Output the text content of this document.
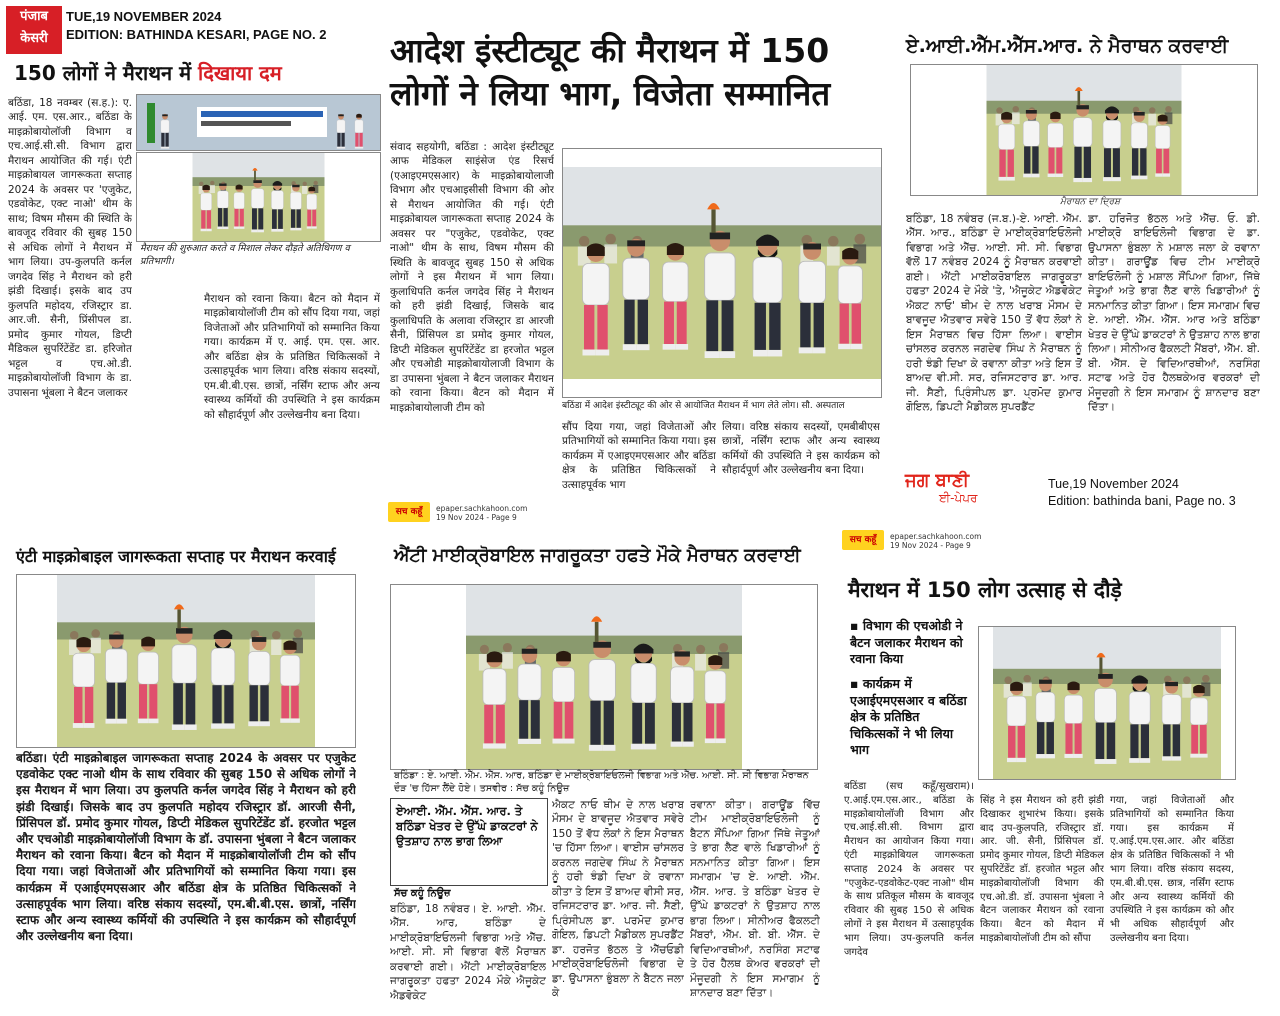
पंजाब केसरी
TUE,19 NOVEMBER 2024
EDITION: BATHINDA KESARI, PAGE NO. 2
150 लोगों ने मैराथन में दिखाया दम
बठिंडा, 18 नवम्बर (स.ह.): ए. आई. एम. एस.आर., बठिंडा के माइक्रोबायोलॉजी विभाग व एच.आई.सी.सी. विभाग द्वारा मैराथन आयोजित की गई। एंटी माइक्रोबायल जागरूकता सप्ताह 2024 के अवसर पर 'एजुकेट, एडवोकेट, एक्ट नाओ' थीम के साथ; विषम मौसम की स्थिति के बावजूद रविवार की सुबह 150 से अधिक लोगों ने मैराथन में भाग लिया। उप-कुलपति कर्नल जगदेव सिंह ने मैराथन को हरी झंडी दिखाई। इसके बाद उप कुलपति महोदय, रजिस्ट्रार डा. आर.जी. सैनी, प्रिंसीपल डा. प्रमोद कुमार गोयल, डिप्टी मैडिकल सुपरिंटेंडेंट डा. हरिजोत भट्टल व एच.ओ.डी. माइक्रोबायोलॉजी विभाग के डा. उपासना भूंबला ने बैटन जलाकर
मैराथन की शुरुआत करते व मिशाल लेकर दौड़ते अतिथिगण व प्रतिभागी।
मैराथन को रवाना किया। बैटन को मैदान में माइक्रोबायोलॉजी टीम को सौंप दिया गया, जहां विजेताओं और प्रतिभागियों को सम्मानित किया गया। कार्यक्रम में ए. आई. एम. एस. आर. और बठिंडा क्षेत्र के प्रतिष्ठित चिकित्सकों ने उत्साहपूर्वक भाग लिया। वरिष्ठ संकाय सदस्यों, एम.बी.बी.एस. छात्रों, नर्सिंग स्टाफ और अन्य स्वास्थ्य कर्मियों की उपस्थिति ने इस कार्यक्रम को सौहार्दपूर्ण और उल्लेखनीय बना दिया।
आदेश इंस्टीट्यूट की मैराथन में 150 लोगों ने लिया भाग, विजेता सम्मानित
संवाद सहयोगी, बठिंडा : आदेश इंस्टीट्यूट आफ मेडिकल साइंसेज एंड रिसर्च (एआइएमएसआर) के माइक्रोबायोलाजी विभाग और एचआइसीसी विभाग की ओर से मैराथन आयोजित की गई। एंटी माइक्रोबायल जागरूकता सप्ताह 2024 के अवसर पर "एजुकेट, एडवोकेट, एक्ट नाओ" थीम के साथ, विषम मौसम की स्थिति के बावजूद सुबह 150 से अधिक लोगों ने इस मैराथन में भाग लिया। कुलाधिपति कर्नल जगदेव सिंह ने मैराथन को हरी झंडी दिखाई, जिसके बाद कुलाधिपति के अलावा रजिस्ट्रार डा आरजी सैनी, प्रिंसिपल डा प्रमोद कुमार गोयल, डिप्टी मेडिकल सुपरिंटेंडेंट डा हरजोत भट्टल और एचओडी माइक्रोबायोलाजी विभाग के डा उपासना भुंबला ने बैटन जलाकर मैराथन को रवाना किया। बैटन को मैदान में माइक्रोबायोलाजी टीम को	बठिंडा में आदेश इंस्टीट्यूट की ओर से आयोजित मैराथन में भाग लेते लोग। सौ. अस्पताल
सौंप दिया गया, जहां विजेताओं और प्रतिभागियों को सम्मानित किया गया। इस कार्यक्रम में एआइएमएसआर और बठिंडा क्षेत्र के प्रतिष्ठित चिकित्सकों ने उत्साहपूर्वक भाग
लिया। वरिष्ठ संकाय सदस्यों, एमबीबीएस छात्रों, नर्सिंग स्टाफ और अन्य स्वास्थ्य कर्मियों की उपस्थिति ने इस कार्यक्रम को सौहार्दपूर्ण और उल्लेखनीय बना दिया।
सच कहूँ	epaper.sachkahoon.com
19 Nov 2024 - Page 9
ਏ.ਆਈ.ਐੱਮ.ਐੱਸ.ਆਰ. ਨੇ ਮੈਰਾਥਨ ਕਰਵਾਈ
ਮੈਰਾਥਨ ਦਾ ਦ੍ਰਿਸ਼
ਬਠਿੰਡਾ, 18 ਨਵੰਬਰ (ਜ.ਬ.)-ਏ. ਆਈ. ਐੱਮ. ਐੱਸ. ਆਰ., ਬਠਿੰਡਾ ਦੇ ਮਾਈਕ੍ਰੋਬਾਇਓਲੋਜੀ ਵਿਭਾਗ ਅਤੇ ਐੱਚ. ਆਈ. ਸੀ. ਸੀ. ਵਿਭਾਗ ਵੱਲੋਂ 17 ਨਵੰਬਰ 2024 ਨੂੰ ਮੈਰਾਥਨ ਕਰਵਾਈ ਗਈ। ਐਂਟੀ ਮਾਈਕਰੋਬਾਇਲ ਜਾਗਰੂਕਤਾ ਹਫਤਾ 2024 ਦੇ ਮੌਕੇ 'ਤੇ, 'ਐਜੂਕੇਟ ਐਡਵੋਕੇਟ ਐਕਟ ਨਾਓ' ਥੀਮ ਦੇ ਨਾਲ ਖਰਾਬ ਮੌਸਮ ਦੇ ਬਾਵਜੂਦ ਐਤਵਾਰ ਸਵੇਰੇ 150 ਤੋਂ ਵੱਧ ਲੋਕਾਂ ਨੇ ਇਸ ਮੈਰਾਥਨ ਵਿਚ ਹਿੱਸਾ ਲਿਆ। ਵਾਈਸ ਚਾਂਸਲਰ ਕਰਨਲ ਜਗਦੇਵ ਸਿੰਘ ਨੇ ਮੈਰਾਥਨ ਨੂੰ ਹਰੀ ਝੰਡੀ ਦਿਖਾ ਕੇ ਰਵਾਨਾ ਕੀਤਾ ਅਤੇ ਇਸ ਤੋਂ ਬਾਅਦ ਵੀ.ਸੀ. ਸਰ, ਰਜਿਸਟਰਾਰ ਡਾ. ਆਰ. ਜੀ. ਸੈਣੀ, ਪ੍ਰਿੰਸੀਪਲ ਡਾ. ਪ੍ਰਮੋਦ ਕੁਮਾਰ ਗੋਇਲ, ਡਿਪਟੀ ਮੈਡੀਕਲ ਸੁਪਰਡੈਂਟ
ਡਾ. ਹਰਿਜੋਤ ਭੱਠਲ ਅਤੇ ਐੱਚ. ਓ. ਡੀ. ਮਾਈਕ੍ਰੋ ਬਾਇਓਲੋਜੀ ਵਿਭਾਗ ਦੇ ਡਾ. ਉਪਾਸਨਾ ਭੁੰਬਲਾ ਨੇ ਮਸ਼ਾਲ ਜਲਾ ਕੇ ਰਵਾਨਾ ਕੀਤਾ। ਗਰਾਊਂਡ ਵਿਚ ਟੀਮ ਮਾਈਕ੍ਰੋ ਬਾਇਓਲੋਜੀ ਨੂੰ ਮਸ਼ਾਲ ਸੌਂਪਿਆ ਗਿਆ, ਜਿੱਥੇ ਜੇਤੂਆਂ ਅਤੇ ਭਾਗ ਲੈਣ ਵਾਲੇ ਖਿਡਾਰੀਆਂ ਨੂੰ ਸਨਮਾਨਿਤ ਕੀਤਾ ਗਿਆ। ਇਸ ਸਮਾਗਮ ਵਿਚ ਏ. ਆਈ. ਐੱਮ. ਐੱਸ. ਆਰ ਅਤੇ ਬਠਿੰਡਾ ਖੇਤਰ ਦੇ ਉੱਘੇ ਡਾਕਟਰਾਂ ਨੇ ਉਤਸ਼ਾਹ ਨਾਲ ਭਾਗ ਲਿਆ। ਸੀਨੀਅਰ ਫੈਕਲਟੀ ਮੈਂਬਰਾਂ, ਐੱਮ. ਬੀ. ਬੀ. ਐੱਸ. ਦੇ ਵਿਦਿਆਰਥੀਆਂ, ਨਰਸਿੰਗ ਸਟਾਫ ਅਤੇ ਹੋਰ ਹੈਲਥਕੇਅਰ ਵਰਕਰਾਂ ਦੀ ਮੌਜੂਦਗੀ ਨੇ ਇਸ ਸਮਾਗਮ ਨੂੰ ਸ਼ਾਨਦਾਰ ਬਣਾ ਦਿੱਤਾ।
ਜਗ ਬਾਣੀ
ਈ-ਪੇਪਰ
Tue,19 November 2024
Edition: bathinda bani, Page no. 3
एंटी माइक्रोबाइल जागरूकता सप्ताह पर मैराथन करवाई
बठिंडा। एंटी माइक्रोबाइल जागरूकता सप्ताह 2024 के अवसर पर एजुकेट एडवोकेट एक्ट नाओ थीम के साथ रविवार की सुबह 150 से अधिक लोगों ने इस मैराथन में भाग लिया। उप कुलपति कर्नल जगदेव सिंह ने मैराथन को हरी झंडी दिखाई। जिसके बाद उप कुलपति महोदय रजिस्ट्रार डॉ. आरजी सैनी, प्रिंसिपल डॉ. प्रमोद कुमार गोयल, डिप्टी मेडिकल सुपरिटेंडेंट डॉ. हरजोत भट्टल और एचओडी माइक्रोबायोलॉजी विभाग के डॉ. उपासना भुंबला ने बैटन जलाकर मैराथन को रवाना किया। बैटन को मैदान में माइक्रोबायोलॉजी टीम को सौंप दिया गया। जहां विजेताओं और प्रतिभागियों को सम्मानित किया गया। इस कार्यक्रम में एआईएमएसआर और बठिंडा क्षेत्र के प्रतिष्ठित चिकित्सकों ने उत्साहपूर्वक भाग लिया। वरिष्ठ संकाय सदस्यों, एम.बी.बी.एस. छात्रों, नर्सिंग स्टाफ और अन्य स्वास्थ्य कर्मियों की उपस्थिति ने इस कार्यक्रम को सौहार्दपूर्ण और उल्लेखनीय बना दिया।
ਐਂਟੀ ਮਾਈਕ੍ਰੋਬਾਇਲ ਜਾਗਰੂਕਤਾ ਹਫਤੇ ਮੌਕੇ ਮੈਰਾਥਨ ਕਰਵਾਈ
ਬਠਿੰਡਾ : ਏ. ਆਈ. ਐੱਮ. ਐੱਸ. ਆਰ, ਬਠਿੰਡਾ ਦੇ ਮਾਈਕ੍ਰੋਬਾਇਓਲਜੀ ਵਿਭਾਗ ਅਤੇ ਐੱਚ. ਆਈ. ਸੀ. ਸੀ ਵਿਭਾਗ ਮੈਰਾਥਨ ਦੌੜ 'ਚ ਹਿੱਸਾ ਲੈਂਦੇ ਹੋਏ। ਤਸਵੀਰ : ਸੱਚ ਕਹੂੰ ਨਿਊਜ਼
ਏਆਈ. ਐੱਮ. ਐੱਸ. ਆਰ. ਤੇ ਬਠਿੰਡਾ ਖੇਤਰ ਦੇ ਉੱਘੇ ਡਾਕਟਰਾਂ ਨੇ ਉਤਸ਼ਾਹ ਨਾਲ ਭਾਗ ਲਿਆ
ਸੱਚ ਕਹੂੰ ਨਿਊਜ਼
ਬਠਿੰਡਾ, 18 ਨਵੰਬਰ। ਏ. ਆਈ. ਐੱਮ. ਐੱਸ. ਆਰ, ਬਠਿੰਡਾ ਦੇ ਮਾਈਕ੍ਰੋਬਾਇਓਲਜੀ ਵਿਭਾਗ ਅਤੇ ਐੱਚ. ਆਈ. ਸੀ. ਸੀ ਵਿਭਾਗ ਵੱਲੋਂ ਮੈਰਾਥਨ ਕਰਵਾਈ ਗਈ। ਐਂਟੀ ਮਾਈਕ੍ਰੋਬਾਇਲ ਜਾਗਰੂਕਤਾ ਹਫਤਾ 2024 ਮੌਕੇ ਐਜੂਕੇਟ ਐਡਵੋਕੇਟ
ਐਕਟ ਨਾਓ ਥੀਮ ਦੇ ਨਾਲ ਖਰਾਬ ਮੌਸਮ ਦੇ ਬਾਵਜੂਦ ਐਤਵਾਰ ਸਵੇਰੇ 150 ਤੋਂ ਵੱਧ ਲੋਕਾਂ ਨੇ ਇਸ ਮੈਰਾਥਨ 'ਚ ਹਿੱਸਾ ਲਿਆ। ਵਾਈਸ ਚਾਂਸਲਰ ਕਰਨਲ ਜਗਦੇਵ ਸਿੰਘ ਨੇ ਮੈਰਾਥਨ ਨੂੰ ਹਰੀ ਝੰਡੀ ਦਿਖਾ ਕੇ ਰਵਾਨਾ ਕੀਤਾ ਤੇ ਇਸ ਤੋਂ ਬਾਅਦ ਵੀਸੀ ਸਰ, ਰਜਿਸਟਰਾਰ ਡਾ. ਆਰ. ਜੀ. ਸੈਣੀ, ਪ੍ਰਿੰਸੀਪਲ ਡਾ. ਪਰਮੋਦ ਕੁਮਾਰ ਗੋਇਲ, ਡਿਪਟੀ ਮੈਡੀਕਲ ਸੁਪਰਡੈਂਟ ਡਾ. ਹਰਜੋਤ ਭੱਠਲ ਤੇ ਐੱਚਓਡੀ ਮਾਈਕ੍ਰੋਬਾਇਓਲੋਜੀ ਵਿਭਾਗ ਦੇ ਡਾ. ਉਪਾਸਨਾ ਭੁੰਬਲਾ ਨੇ ਬੈਟਨ ਜਲਾ ਕੇ
ਰਵਾਨਾ ਕੀਤਾ। ਗਰਾਊਂਡ ਵਿੱਚ ਟੀਮ ਮਾਈਕ੍ਰੋਬਾਇਓਲੋਜੀ ਨੂੰ ਬੈਟਨ ਸੌਂਪਿਆ ਗਿਆ ਜਿੱਥੇ ਜੇਤੂਆਂ ਤੇ ਭਾਗ ਲੈਣ ਵਾਲੇ ਖਿਡਾਰੀਆਂ ਨੂੰ ਸਨਮਾਨਿਤ ਕੀਤਾ ਗਿਆ। ਇਸ ਸਮਾਗਮ 'ਚ ਏ. ਆਈ. ਐੱਮ. ਐੱਸ. ਆਰ. ਤੇ ਬਠਿੰਡਾ ਖੇਤਰ ਦੇ ਉੱਘੇ ਡਾਕਟਰਾਂ ਨੇ ਉਤਸ਼ਾਹ ਨਾਲ ਭਾਗ ਲਿਆ। ਸੀਨੀਅਰ ਫੈਕਲਟੀ ਮੈਂਬਰਾਂ, ਐੱਮ. ਬੀ. ਬੀ. ਐੱਸ. ਦੇ ਵਿਦਿਆਰਥੀਆਂ, ਨਰਸਿੰਗ ਸਟਾਫ ਤੇ ਹੋਰ ਹੈਲਥ ਕੇਅਰ ਵਰਕਰਾਂ ਦੀ ਮੌਜੂਦਗੀ ਨੇ ਇਸ ਸਮਾਗਮ ਨੂੰ ਸ਼ਾਨਦਾਰ ਬਣਾ ਦਿੱਤਾ।
सच कहूँ	epaper.sachkahoon.com
19 Nov 2024 - Page 9
मैराथन में 150 लोग उत्साह से दौड़े
▪ विभाग की एचओडी ने बैटन जलाकर मैराथन को रवाना किया
▪ कार्यक्रम में एआईएमएसआर व बठिंडा क्षेत्र के प्रतिष्ठित चिकित्सकों ने भी लिया भाग
बठिंडा (सच कहूँ/सुखराम)। ए.आई.एम.एस.आर., बठिंडा के माइक्रोबायोलॉजी विभाग और एच.आई.सी.सी. विभाग द्वारा मैराथन का आयोजन किया गया। एंटी माइक्रोबियल जागरूकता सप्ताह 2024 के अवसर पर "एजुकेट-एडवोकेट-एक्ट नाओ" थीम के साथ प्रतिकूल मौसम के बावजूद रविवार की सुबह 150 से अधिक लोगों ने इस मैराथन में उत्साहपूर्वक भाग लिया। उप-कुलपति कर्नल जगदेव
सिंह ने इस मैराथन को हरी झंडी दिखाकर शुभारंभ किया। इसके बाद उप-कुलपति, रजिस्ट्रार डॉ. आर. जी. सैनी, प्रिंसिपल डॉ. प्रमोद कुमार गोयल, डिप्टी मेडिकल सुपरिटेंडेंट डॉ. हरजोत भट्टल और माइक्रोबायोलॉजी विभाग की एच.ओ.डी. डॉ. उपासना भुंबला ने बैटन जलाकर मैराथन को रवाना किया। बैटन को मैदान में माइक्रोबायोलॉजी टीम को सौंपा
गया, जहां विजेताओं और प्रतिभागियों को सम्मानित किया गया। इस कार्यक्रम में ए.आई.एम.एस.आर. और बठिंडा क्षेत्र के प्रतिष्ठित चिकित्सकों ने भी भाग लिया। वरिष्ठ संकाय सदस्य, एम.बी.बी.एस. छात्र, नर्सिंग स्टाफ और अन्य स्वास्थ्य कर्मियों की उपस्थिति ने इस कार्यक्रम को और भी अधिक सौहार्दपूर्ण और उल्लेखनीय बना दिया।
